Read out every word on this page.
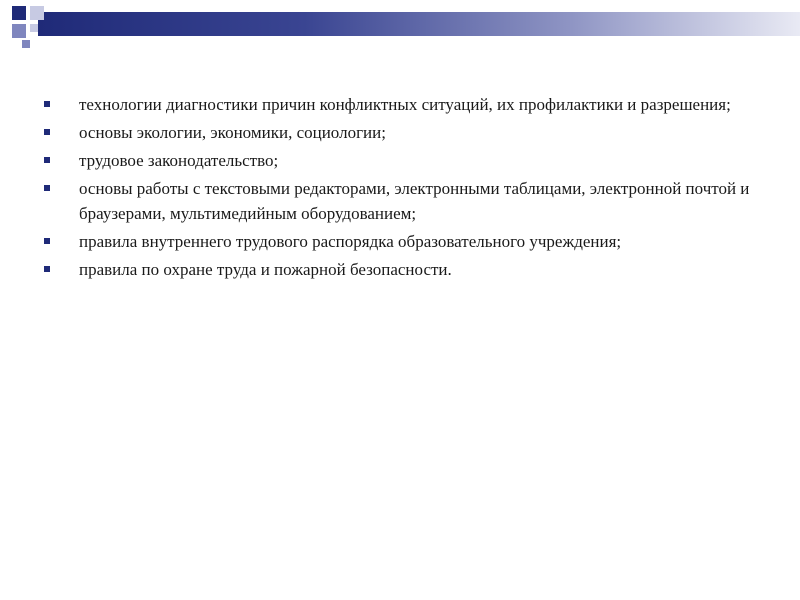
технологии диагностики причин конфликтных ситуаций, их профилактики и разрешения;
основы экологии, экономики, социологии;
трудовое законодательство;
основы работы с текстовыми редакторами, электронными таблицами, электронной почтой и браузерами, мультимедийным оборудованием;
правила внутреннего трудового распорядка образовательного учреждения;
правила по охране труда и пожарной безопасности.
